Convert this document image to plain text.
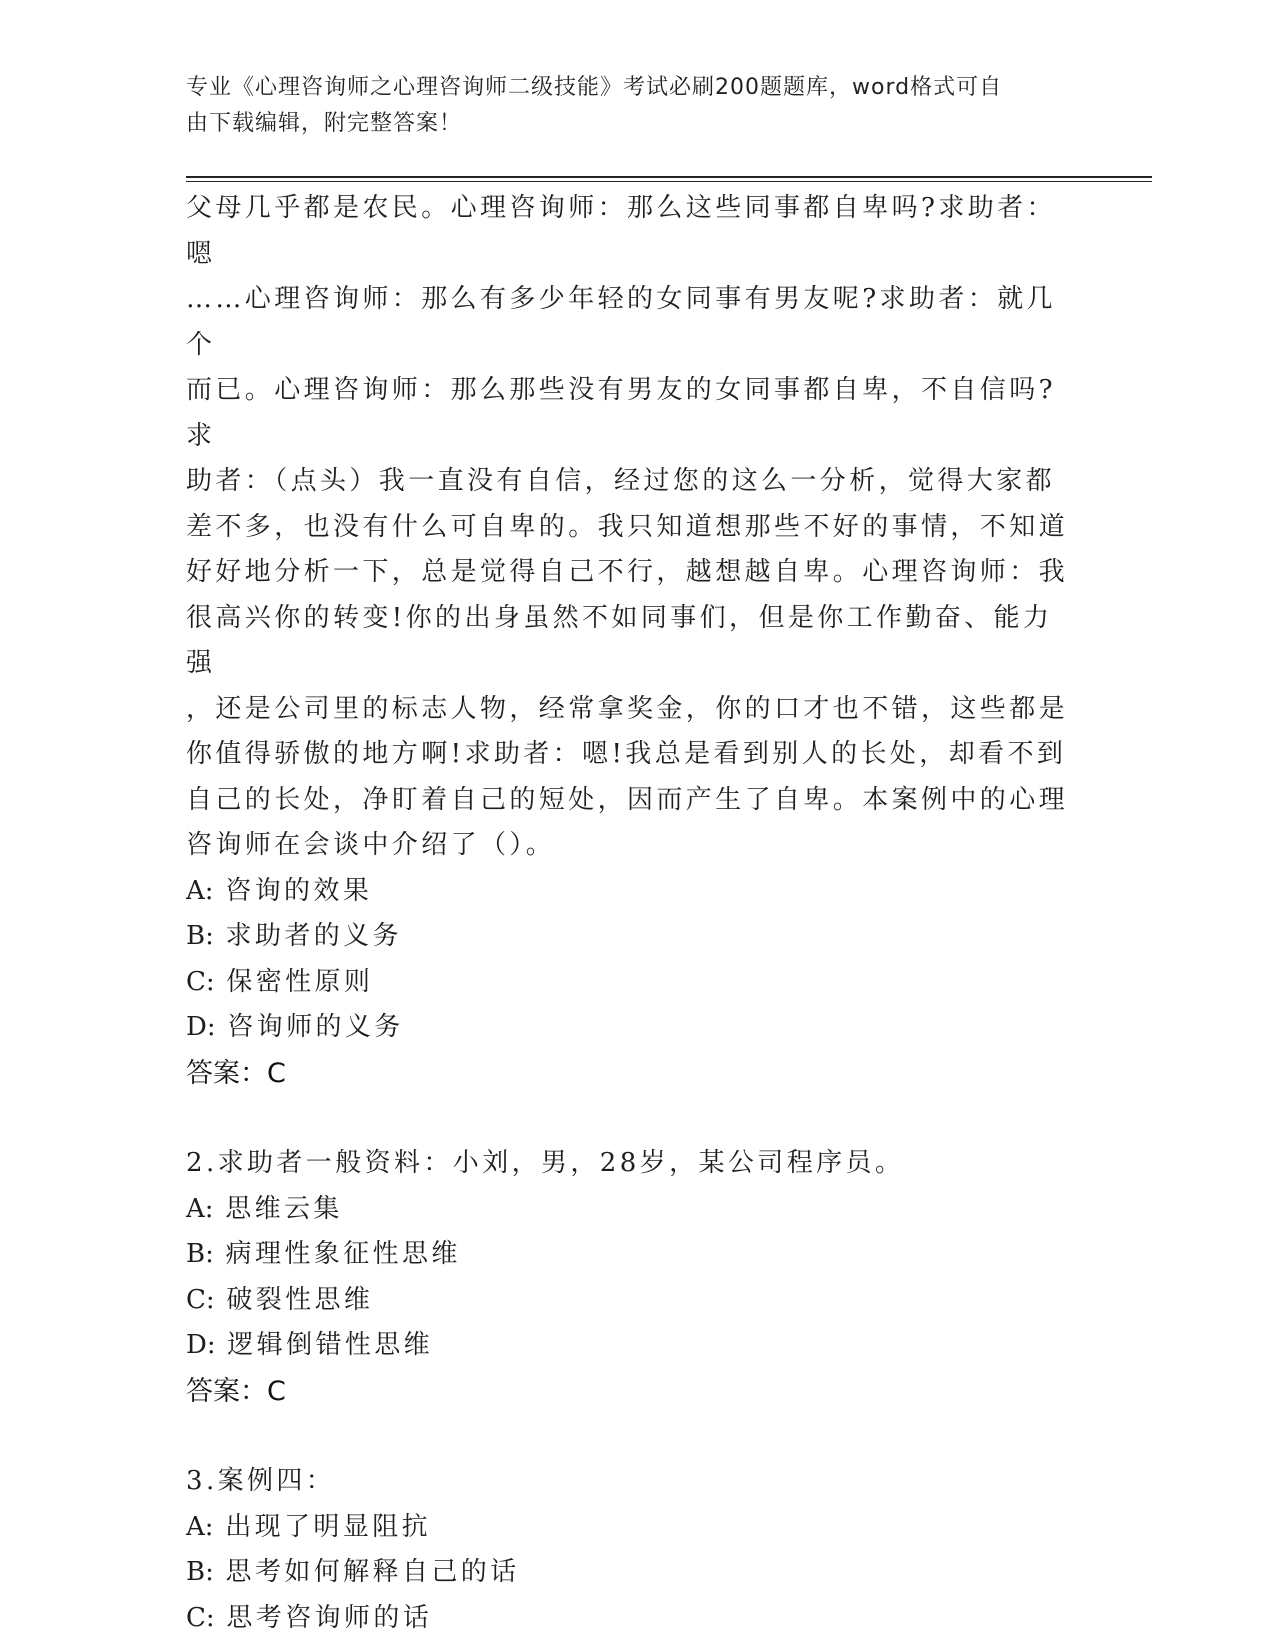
专业《心理咨询师之心理咨询师二级技能》考试必刷200题题库，word格式可自
由下载编辑，附完整答案！

父母几乎都是农民。心理咨询师：那么这些同事都自卑吗?求助者：嗯

……心理咨询师：那么有多少年轻的女同事有男友呢?求助者：就几个

而已。心理咨询师：那么那些没有男友的女同事都自卑，不自信吗?求

助者：（点头）我一直没有自信，经过您的这么一分析，觉得大家都

差不多，也没有什么可自卑的。我只知道想那些不好的事情，不知道

好好地分析一下，总是觉得自己不行，越想越自卑。心理咨询师：我

很高兴你的转变!你的出身虽然不如同事们，但是你工作勤奋、能力强

，还是公司里的标志人物，经常拿奖金，你的口才也不错，这些都是

你值得骄傲的地方啊!求助者：嗯!我总是看到别人的长处，却看不到

自己的长处，净盯着自己的短处，因而产生了自卑。本案例中的心理

咨询师在会谈中介绍了（）。

A: 咨询的效果

B: 求助者的义务

C: 保密性原则

D: 咨询师的义务

答案：C

2.求助者一般资料：小刘，男，28岁，某公司程序员。

A: 思维云集

B: 病理性象征性思维

C: 破裂性思维

D: 逻辑倒错性思维

答案：C

3.案例四：

A: 出现了明显阻抗

B: 思考如何解释自己的话

C: 思考咨询师的话
